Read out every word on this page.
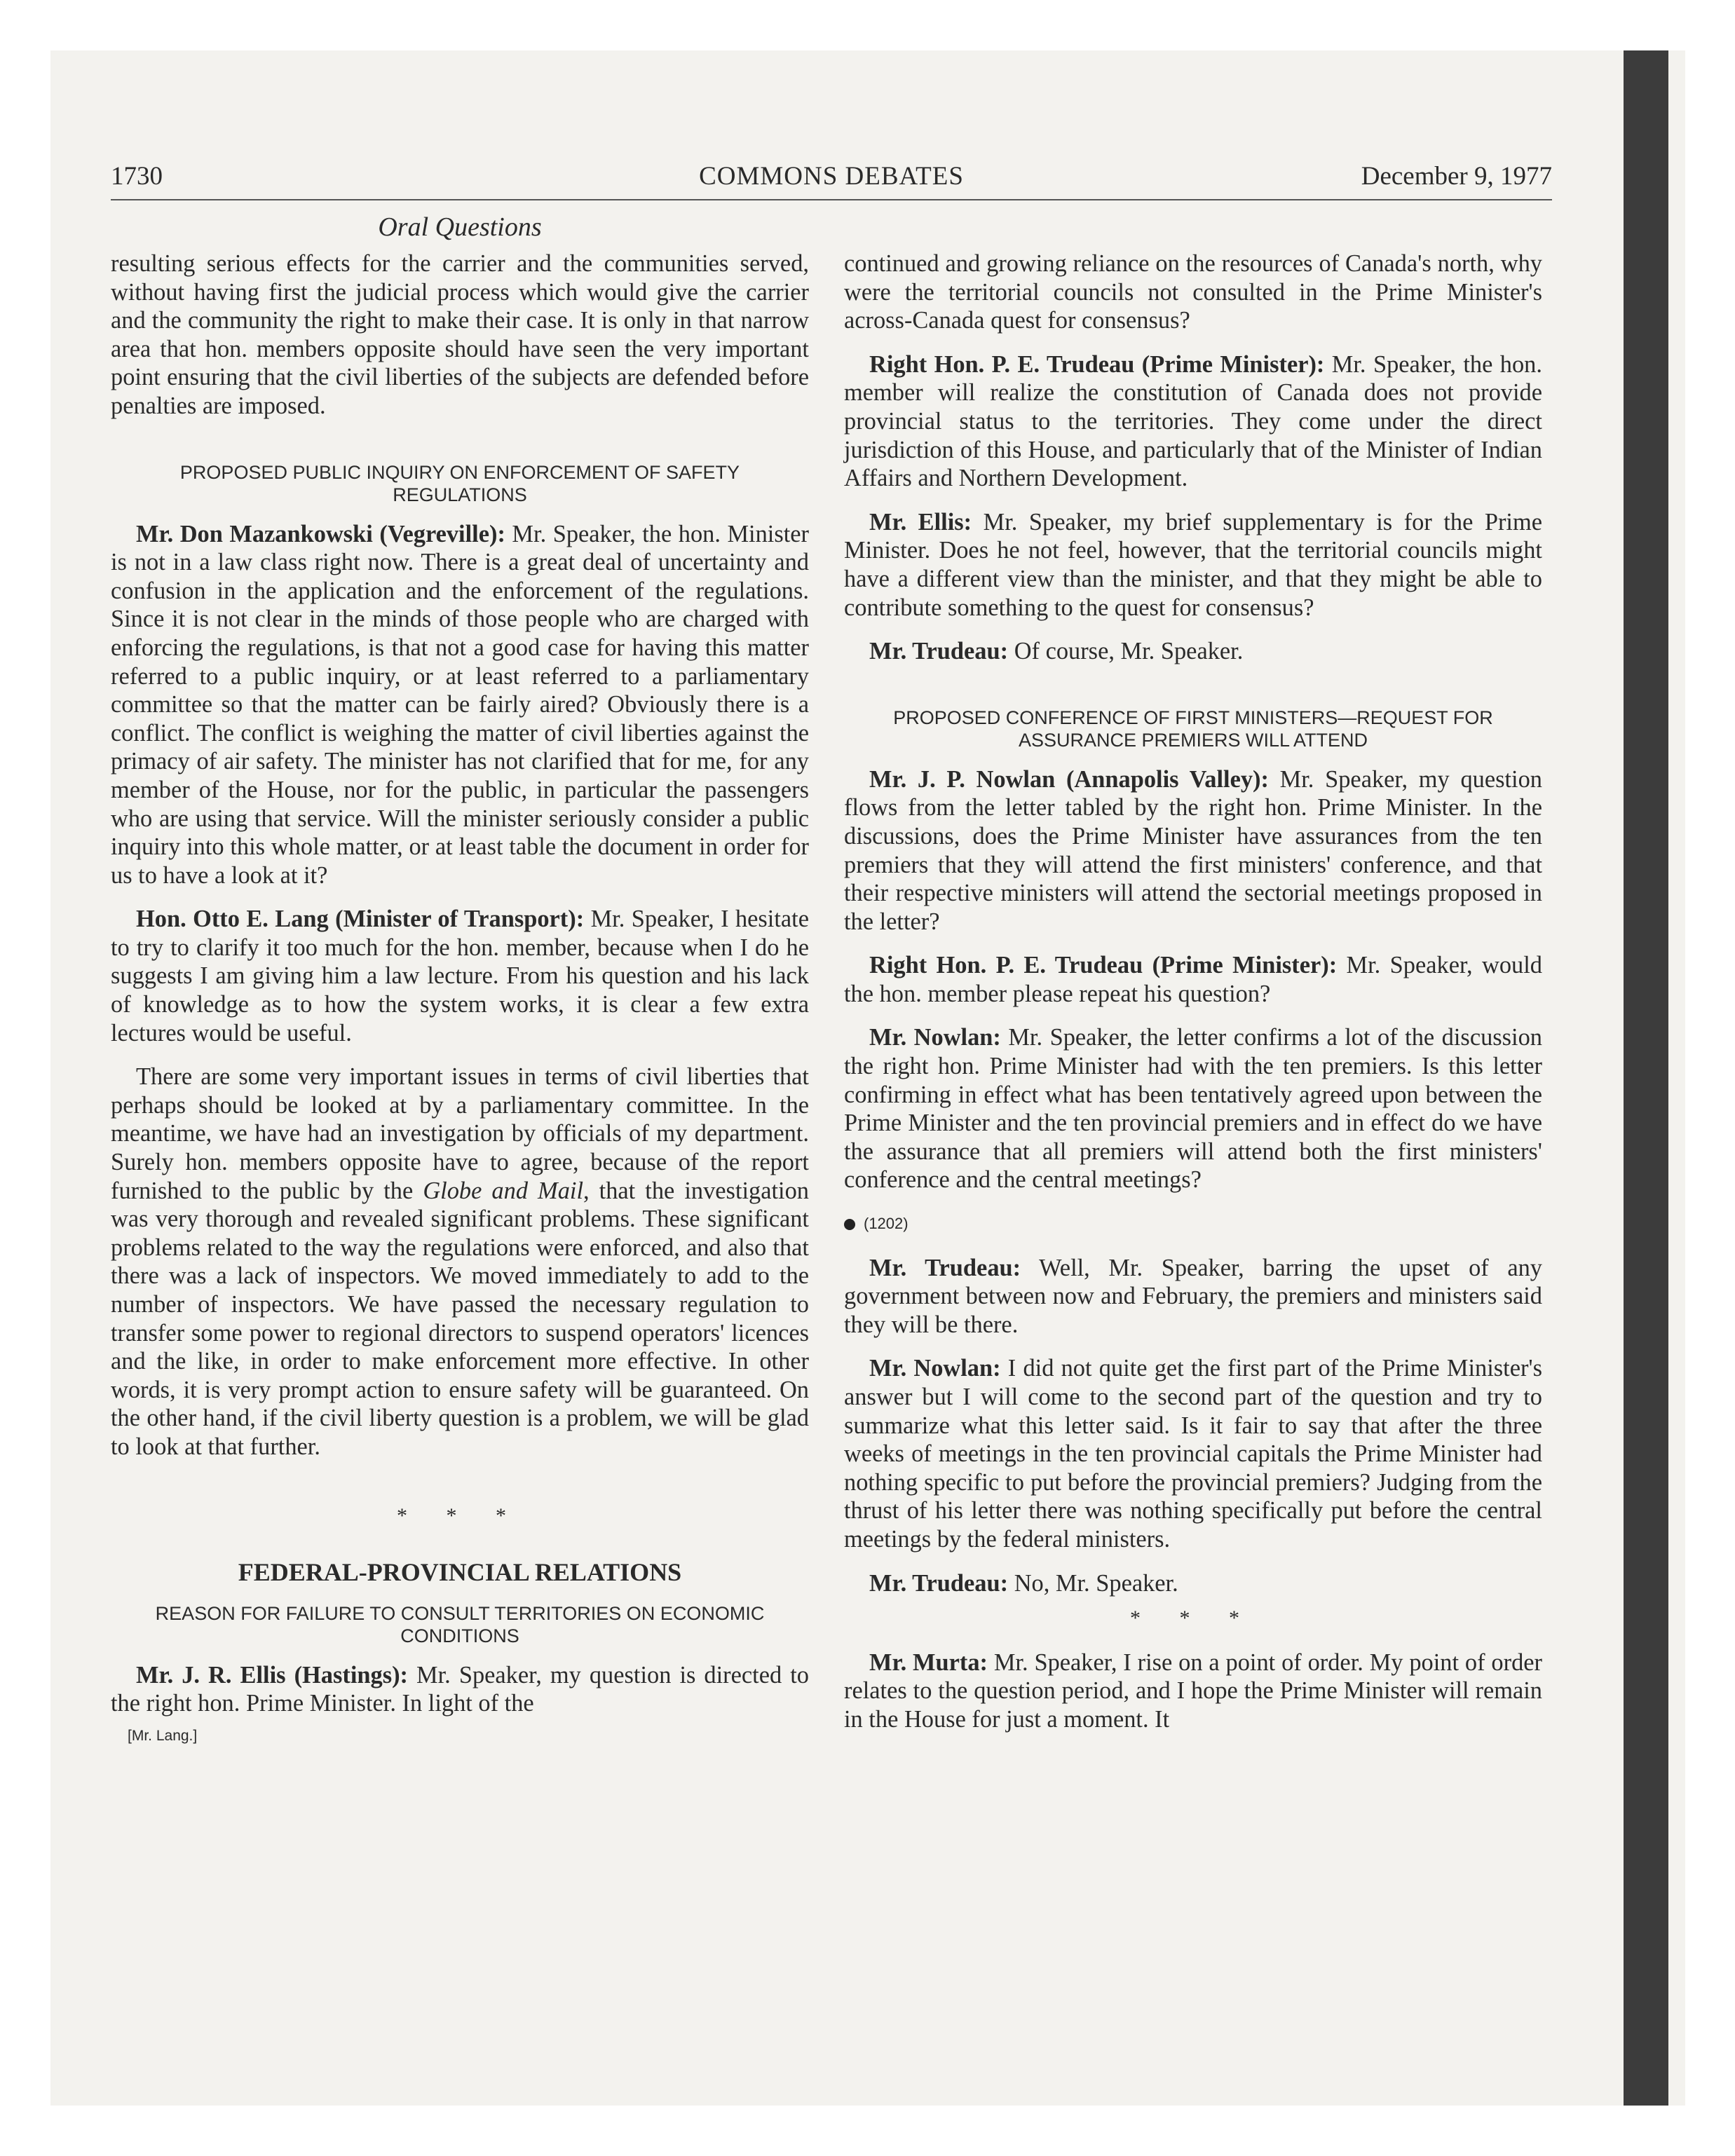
1730	COMMONS DEBATES	December 9, 1977
Oral Questions

resulting serious effects for the carrier and the communities served, without having first the judicial process which would give the carrier and the community the right to make their case. It is only in that narrow area that hon. members opposite should have seen the very important point ensuring that the civil liberties of the subjects are defended before penalties are imposed.

PROPOSED PUBLIC INQUIRY ON ENFORCEMENT OF SAFETY REGULATIONS

Mr. Don Mazankowski (Vegreville): Mr. Speaker, the hon. Minister is not in a law class right now. There is a great deal of uncertainty and confusion in the application and the enforcement of the regulations. Since it is not clear in the minds of those people who are charged with enforcing the regulations, is that not a good case for having this matter referred to a public inquiry, or at least referred to a parliamentary committee so that the matter can be fairly aired? Obviously there is a conflict. The conflict is weighing the matter of civil liberties against the primacy of air safety. The minister has not clarified that for me, for any member of the House, nor for the public, in particular the passengers who are using that service. Will the minister seriously consider a public inquiry into this whole matter, or at least table the document in order for us to have a look at it?

Hon. Otto E. Lang (Minister of Transport): Mr. Speaker, I hesitate to try to clarify it too much for the hon. member, because when I do he suggests I am giving him a law lecture. From his question and his lack of knowledge as to how the system works, it is clear a few extra lectures would be useful.

There are some very important issues in terms of civil liberties that perhaps should be looked at by a parliamentary committee. In the meantime, we have had an investigation by officials of my department. Surely hon. members opposite have to agree, because of the report furnished to the public by the Globe and Mail, that the investigation was very thorough and revealed significant problems. These significant problems related to the way the regulations were enforced, and also that there was a lack of inspectors. We moved immediately to add to the number of inspectors. We have passed the necessary regulation to transfer some power to regional directors to suspend operators' licences and the like, in order to make enforcement more effective. In other words, it is very prompt action to ensure safety will be guaranteed. On the other hand, if the civil liberty question is a problem, we will be glad to look at that further.

* * *
FEDERAL-PROVINCIAL RELATIONS
REASON FOR FAILURE TO CONSULT TERRITORIES ON ECONOMIC CONDITIONS

Mr. J. R. Ellis (Hastings): Mr. Speaker, my question is directed to the right hon. Prime Minister. In light of the

[Mr. Lang.]

continued and growing reliance on the resources of Canada's north, why were the territorial councils not consulted in the Prime Minister's across-Canada quest for consensus?

Right Hon. P. E. Trudeau (Prime Minister): Mr. Speaker, the hon. member will realize the constitution of Canada does not provide provincial status to the territories. They come under the direct jurisdiction of this House, and particularly that of the Minister of Indian Affairs and Northern Development.

Mr. Ellis: Mr. Speaker, my brief supplementary is for the Prime Minister. Does he not feel, however, that the territorial councils might have a different view than the minister, and that they might be able to contribute something to the quest for consensus?

Mr. Trudeau: Of course, Mr. Speaker.

PROPOSED CONFERENCE OF FIRST MINISTERS—REQUEST FOR ASSURANCE PREMIERS WILL ATTEND

Mr. J. P. Nowlan (Annapolis Valley): Mr. Speaker, my question flows from the letter tabled by the right hon. Prime Minister. In the discussions, does the Prime Minister have assurances from the ten premiers that they will attend the first ministers' conference, and that their respective ministers will attend the sectorial meetings proposed in the letter?

Right Hon. P. E. Trudeau (Prime Minister): Mr. Speaker, would the hon. member please repeat his question?

Mr. Nowlan: Mr. Speaker, the letter confirms a lot of the discussion the right hon. Prime Minister had with the ten premiers. Is this letter confirming in effect what has been tentatively agreed upon between the Prime Minister and the ten provincial premiers and in effect do we have the assurance that all premiers will attend both the first ministers' conference and the central meetings?

(1202)

Mr. Trudeau: Well, Mr. Speaker, barring the upset of any government between now and February, the premiers and ministers said they will be there.

Mr. Nowlan: I did not quite get the first part of the Prime Minister's answer but I will come to the second part of the question and try to summarize what this letter said. Is it fair to say that after the three weeks of meetings in the ten provincial capitals the Prime Minister had nothing specific to put before the provincial premiers? Judging from the thrust of his letter there was nothing specifically put before the central meetings by the federal ministers.

Mr. Trudeau: No, Mr. Speaker.

* * *

Mr. Murta: Mr. Speaker, I rise on a point of order. My point of order relates to the question period, and I hope the Prime Minister will remain in the House for just a moment. It
